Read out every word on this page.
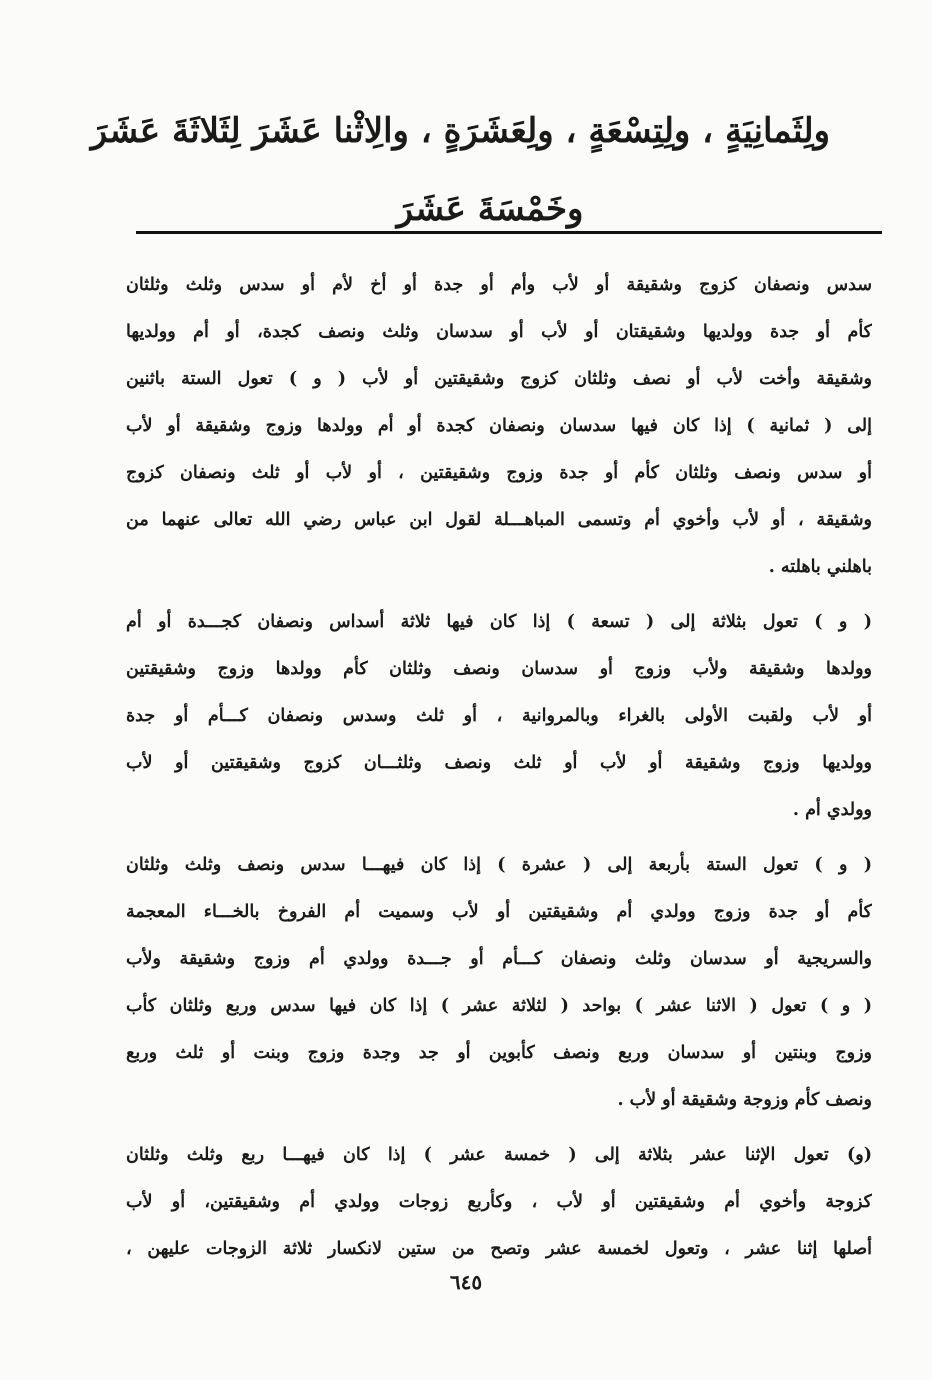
ولِثَمانِيَةٍ ، ولِتِسْعَةٍ ، ولِعَشَرَةٍ ، والِاثْنا عَشَرَ لِثَلاثَةَ عَشَرَ
وخَمْسَةَ عَشَرَ
سدس ونصفان كزوج وشقيقة أو لأب وأم أو جدة أو أخ لأم أو سدس وثلث وثلثان
كأم أو جدة وولديها وشقيقتان أو لأب أو سدسان وثلث ونصف كجدة، أو أم وولديها
وشقيقة وأخت لأب أو نصف وثلثان كزوج وشقيقتين أو لأب ( و ) تعول الستة باثنين
إلى ( ثمانية ) إذا كان فيها سدسان ونصفان كجدة أو أم وولدها وزوج وشقيقة أو لأب
أو سدس ونصف وثلثان كأم أو جدة وزوج وشقيقتين ، أو لأب أو ثلث ونصفان كزوج
وشقيقة ، أو لأب وأخوي أم وتسمى المباهـــلة لقول ابن عباس رضي الله تعالى عنهما من
باهلني باهلته .
( و ) تعول بثلاثة إلى ( تسعة ) إذا كان فيها ثلاثة أسداس ونصفان كجـــدة أو أم
وولدها وشقيقة ولأب وزوج أو سدسان ونصف وثلثان كأم وولدها وزوج وشقيقتين
أو لأب ولقبت الأولى بالغراء وبالمروانية ، أو ثلث وسدس ونصفان كـــأم أو جدة
وولديها وزوج وشقيقة أو لأب أو ثلث ونصف وثلثـــان كزوج وشقيقتين أو لأب
وولدي أم .
( و ) تعول الستة بأربعة إلى ( عشرة ) إذا كان فيهـــا سدس ونصف وثلث وثلثان
كأم أو جدة وزوج وولدي أم وشقيقتين أو لأب وسميت أم الفروخ بالخـــاء المعجمة
والسريجية أو سدسان وثلث ونصفان كـــأم أو جـــدة وولدي أم وزوج وشقيقة ولأب
( و ) تعول ( الاثنا عشر ) بواحد ( لثلاثة عشر ) إذا كان فيها سدس وربع وثلثان كأب
وزوج وبنتين أو سدسان وربع ونصف كأبوين أو جد وجدة وزوج وبنت أو ثلث وربع
ونصف كأم وزوجة وشقيقة أو لأب .
(و) تعول الإثنا عشر بثلاثة إلى ( خمسة عشر ) إذا كان فيهـــا ربع وثلث وثلثان
كزوجة وأخوي أم وشقيقتين أو لأب ، وكأربع زوجات وولدي أم وشقيقتين، أو لأب
أصلها إثنا عشر ، وتعول لخمسة عشر وتصح من ستين لانكسار ثلاثة الزوجات عليهن ،
٦٤٥
